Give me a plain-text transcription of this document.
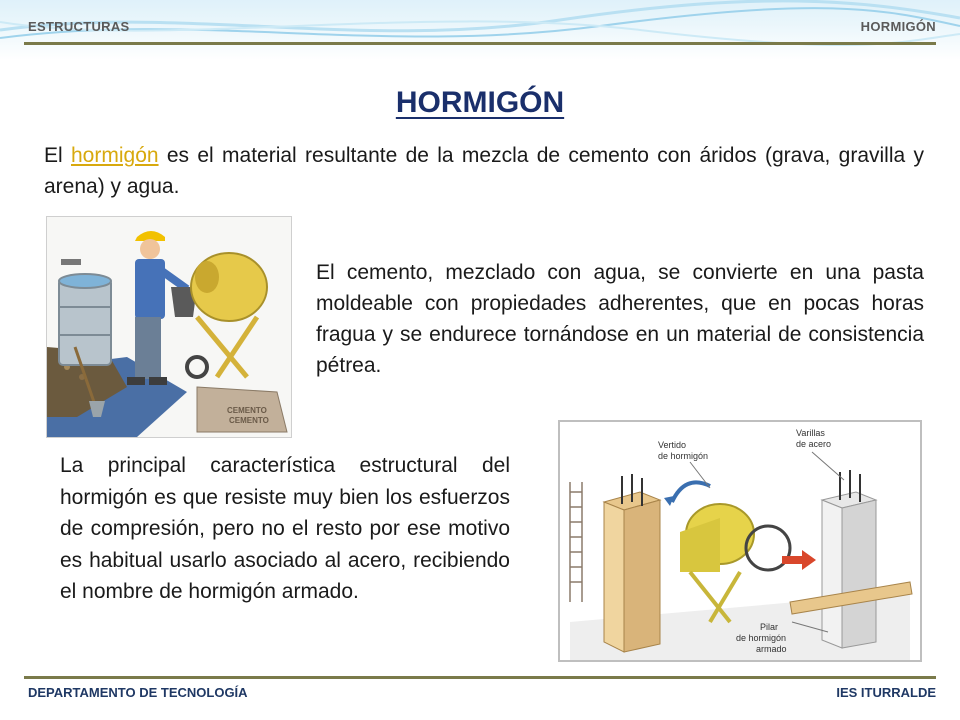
ESTRUCTURAS	HORMIGÓN
HORMIGÓN

El hormigón es el material resultante de la mezcla de cemento con áridos (grava, gravilla y arena) y agua.

CEMENTO
CEMENTO

El cemento, mezclado con agua, se convierte en una pasta moldeable con propiedades adherentes, que en pocas horas fragua y se endurece tornándose en un material de consistencia pétrea.

La principal característica estructural del hormigón es que resiste muy bien los esfuerzos de compresión, pero no el resto por ese motivo es habitual usarlo asociado al acero, recibiendo el nombre de hormigón armado.

Vertido
de hormigón
Varillas
de acero
Pilar
de hormigón
armado
DEPARTAMENTO DE TECNOLOGÍA	IES ITURRALDE
